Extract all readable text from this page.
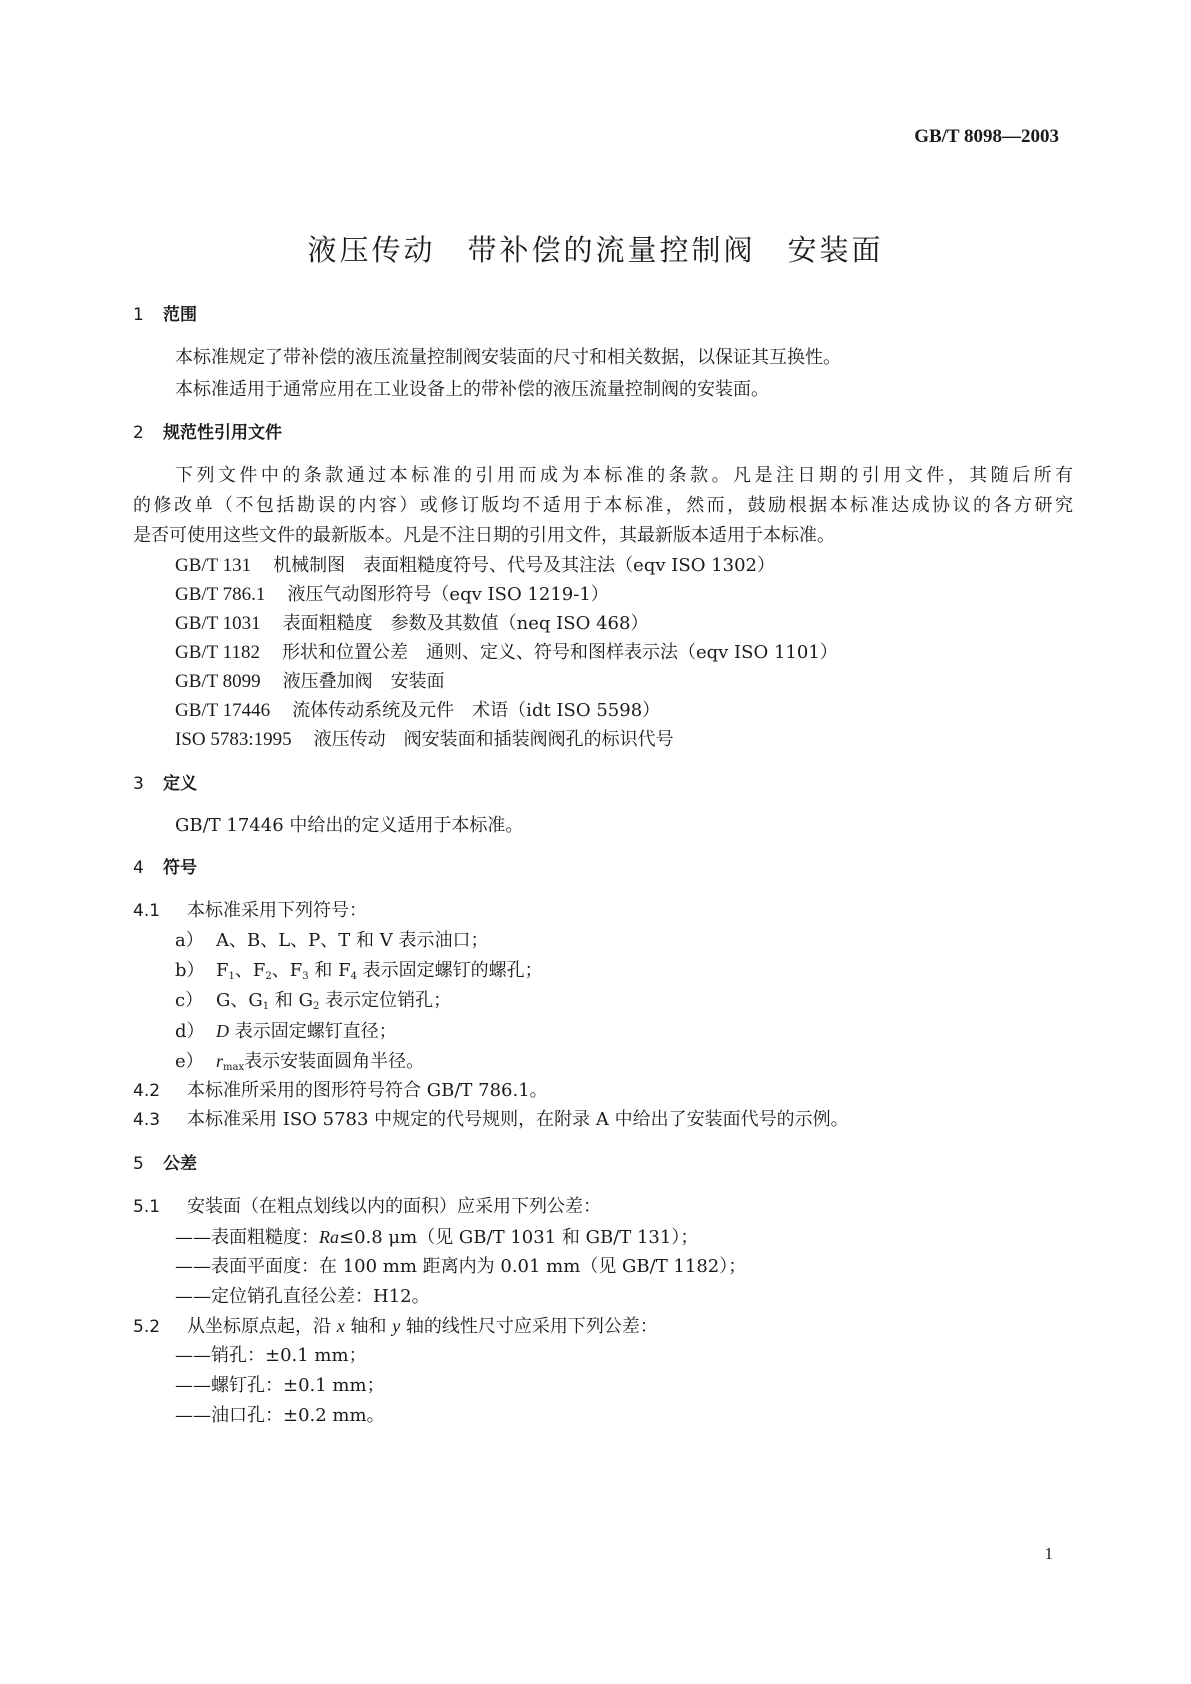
GB/T 8098—2003
液压传动　带补偿的流量控制阀　安装面
1 范围
本标准规定了带补偿的液压流量控制阀安装面的尺寸和相关数据，以保证其互换性。
本标准适用于通常应用在工业设备上的带补偿的液压流量控制阀的安装面。
2 规范性引用文件
下列文件中的条款通过本标准的引用而成为本标准的条款。凡是注日期的引用文件，其随后所有
的修改单（不包括勘误的内容）或修订版均不适用于本标准，然而，鼓励根据本标准达成协议的各方研究
是否可使用这些文件的最新版本。凡是不注日期的引用文件，其最新版本适用于本标准。
GB/T 131 机械制图　表面粗糙度符号、代号及其注法（eqv ISO 1302）
GB/T 786.1 液压气动图形符号（eqv ISO 1219-1）
GB/T 1031 表面粗糙度　参数及其数值（neq ISO 468）
GB/T 1182 形状和位置公差　通则、定义、符号和图样表示法（eqv ISO 1101）
GB/T 8099 液压叠加阀　安装面
GB/T 17446 流体传动系统及元件　术语（idt ISO 5598）
ISO 5783:1995 液压传动　阀安装面和插装阀阀孔的标识代号
3 定义
GB/T 17446 中给出的定义适用于本标准。
4 符号
4.1 本标准采用下列符号：
a） A、B、L、P、T 和 V 表示油口；
b） $F_1$、$F_2$、$F_3$ 和 $F_4$ 表示固定螺钉的螺孔；
c） G、$G_1$ 和 $G_2$ 表示定位销孔；
d） D 表示固定螺钉直径；
e） $r_{max}$表示安装面圆角半径。
4.2 本标准所采用的图形符号符合 GB/T 786.1。
4.3 本标准采用 ISO 5783 中规定的代号规则，在附录 A 中给出了安装面代号的示例。
5 公差
5.1 安装面（在粗点划线以内的面积）应采用下列公差：
——表面粗糙度：Ra≤0.8 μm（见 GB/T 1031 和 GB/T 131）；
——表面平面度：在 100 mm 距离内为 0.01 mm（见 GB/T 1182）；
——定位销孔直径公差：H12。
5.2 从坐标原点起，沿 x 轴和 y 轴的线性尺寸应采用下列公差：
——销孔：±0.1 mm；
——螺钉孔：±0.1 mm；
——油口孔：±0.2 mm。
1
